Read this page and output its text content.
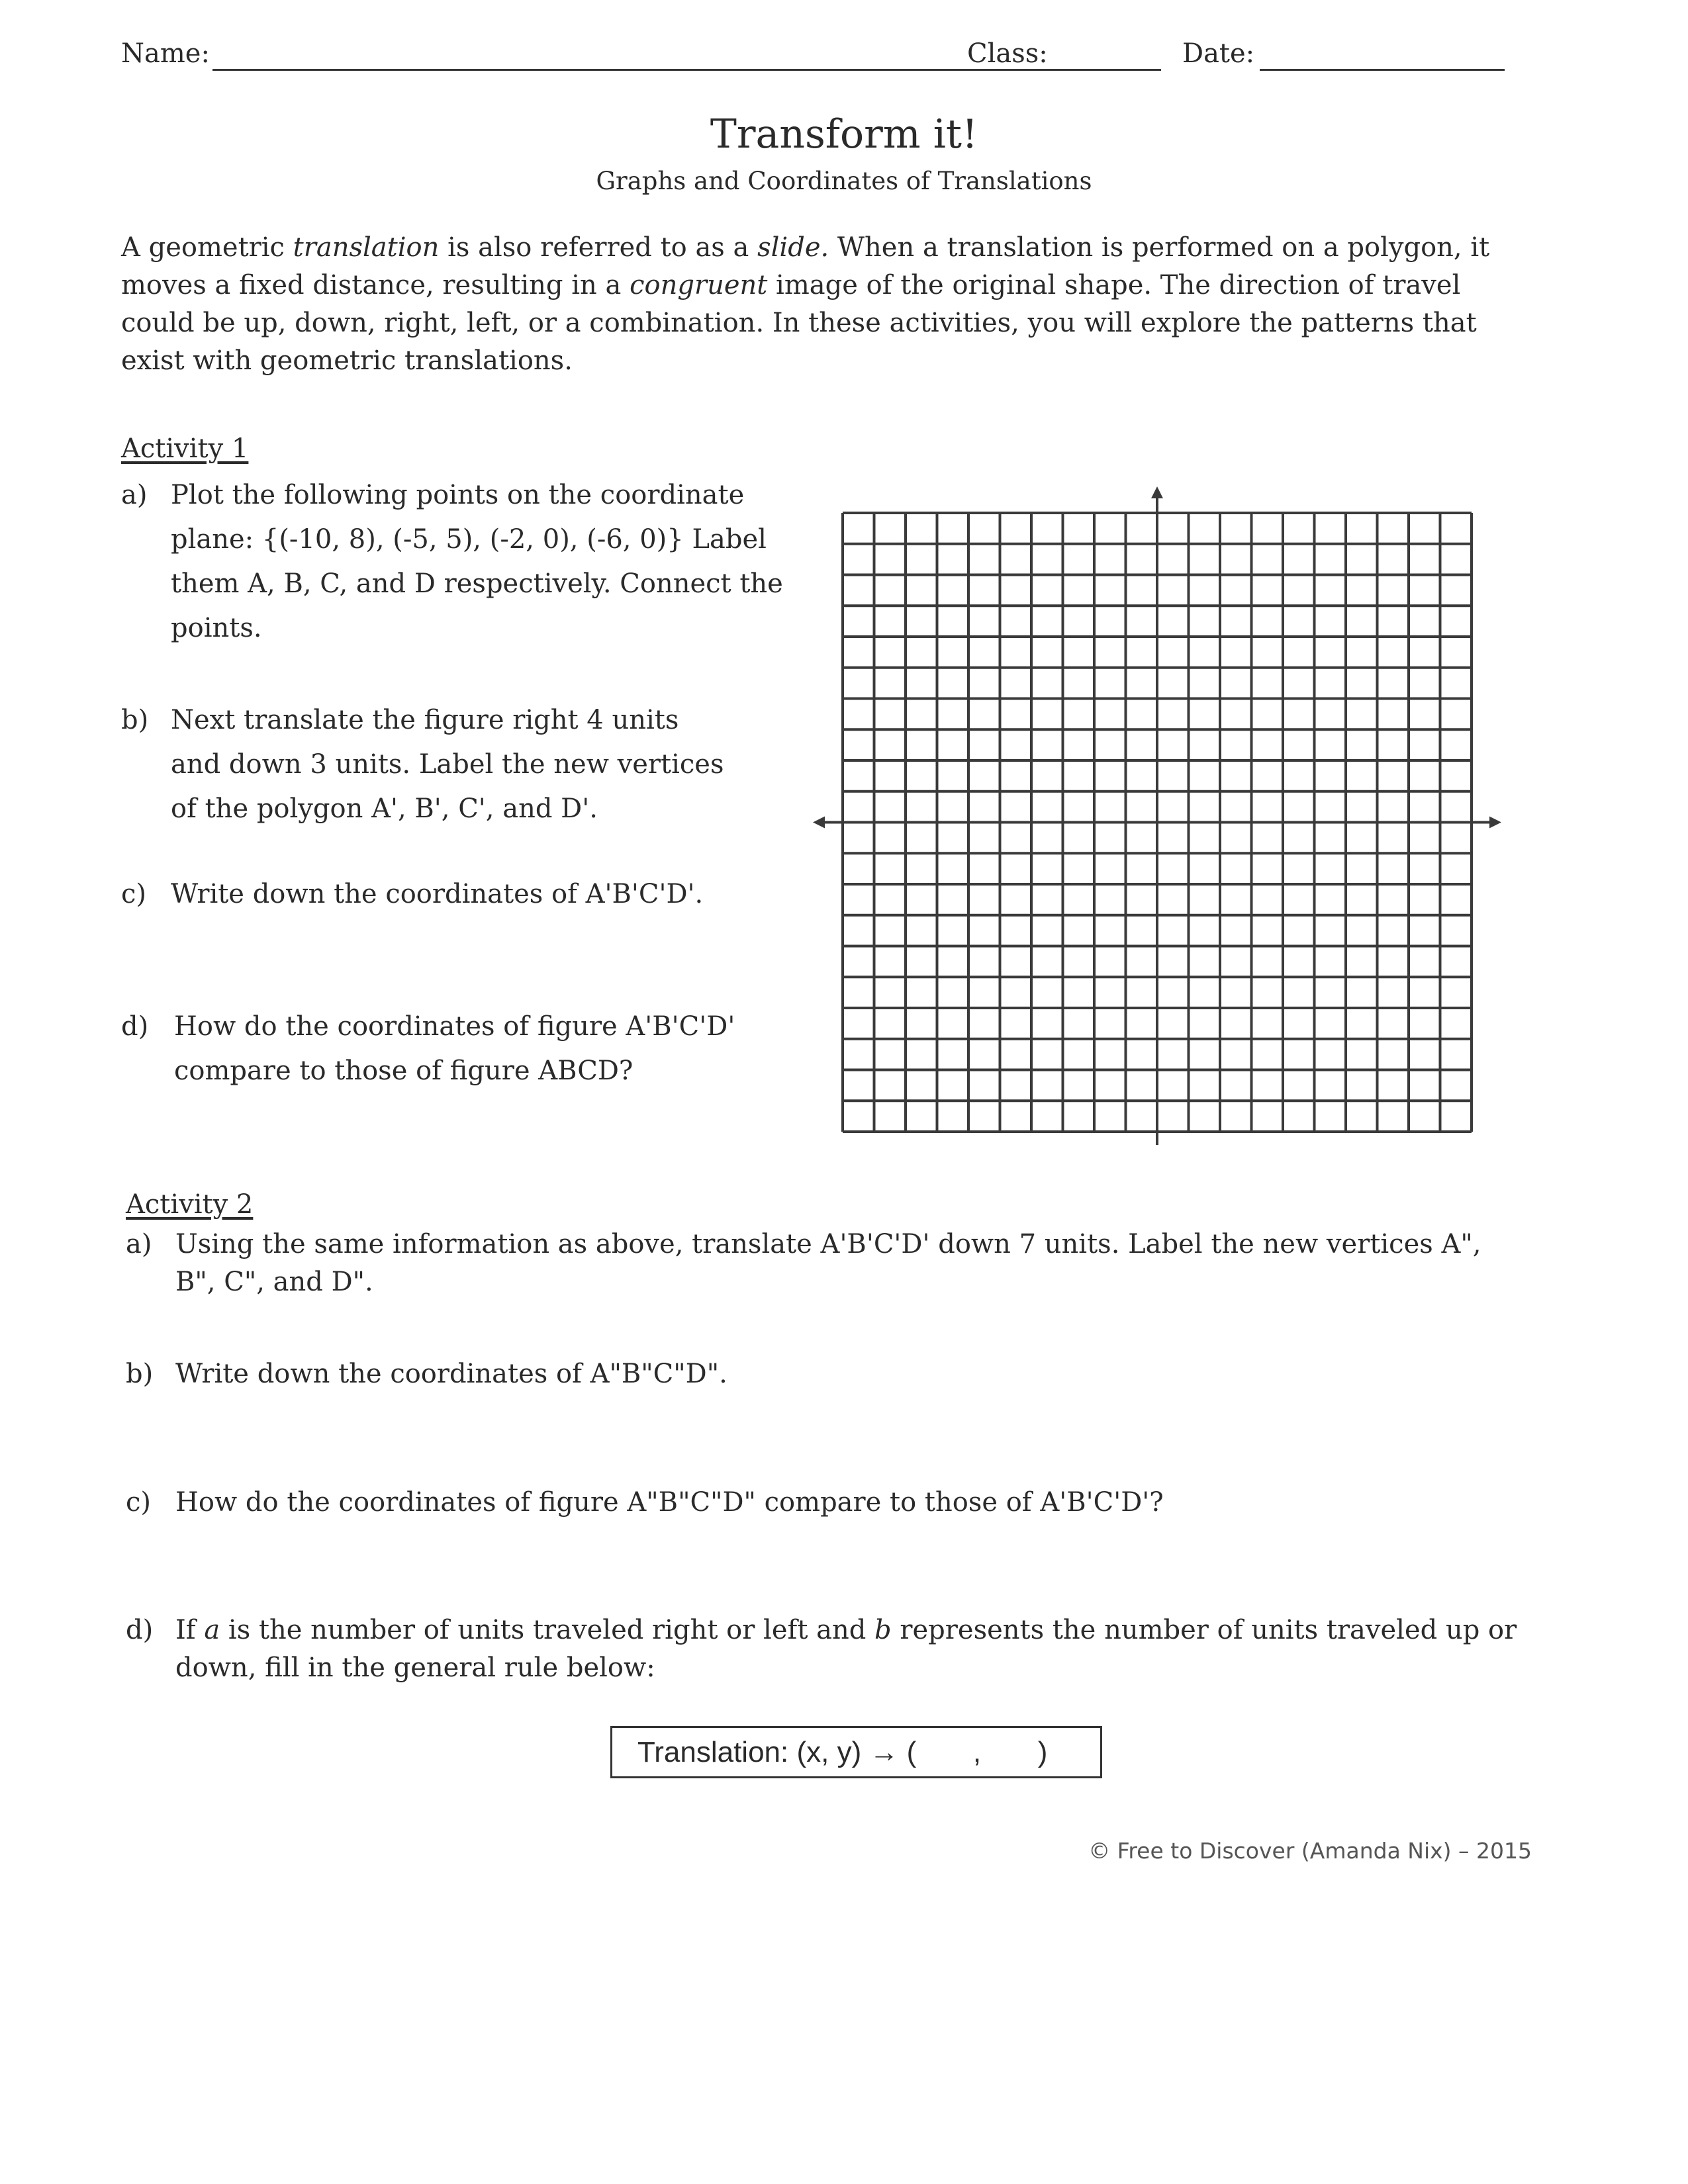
Name:	Class:	Date:
Transform it!
Graphs and Coordinates of Translations
A geometric translation is also referred to as a slide. When a translation is performed on a polygon, it moves a fixed distance, resulting in a congruent image of the original shape. The direction of travel could be up, down, right, left, or a combination. In these activities, you will explore the patterns that exist with geometric translations.
Activity 1
a) Plot the following points on the coordinate
plane: {(-10, 8), (-5, 5), (-2, 0), (-6, 0)} Label
them A, B, C, and D respectively. Connect the
points.
b) Next translate the figure right 4 units
and down 3 units. Label the new vertices
of the polygon A', B', C', and D'.
c) Write down the coordinates of A'B'C'D'.
d) How do the coordinates of figure A'B'C'D'
compare to those of figure ABCD?
Activity 2
a) Using the same information as above, translate A'B'C'D' down 7 units. Label the new vertices A",
B", C", and D".
b) Write down the coordinates of A"B"C"D".
c) How do the coordinates of figure A"B"C"D" compare to those of A'B'C'D'?
d) If a is the number of units traveled right or left and b represents the number of units traveled up or
down, fill in the general rule below:
Translation: (x, y) → (       ,       )
© Free to Discover (Amanda Nix) – 2015
